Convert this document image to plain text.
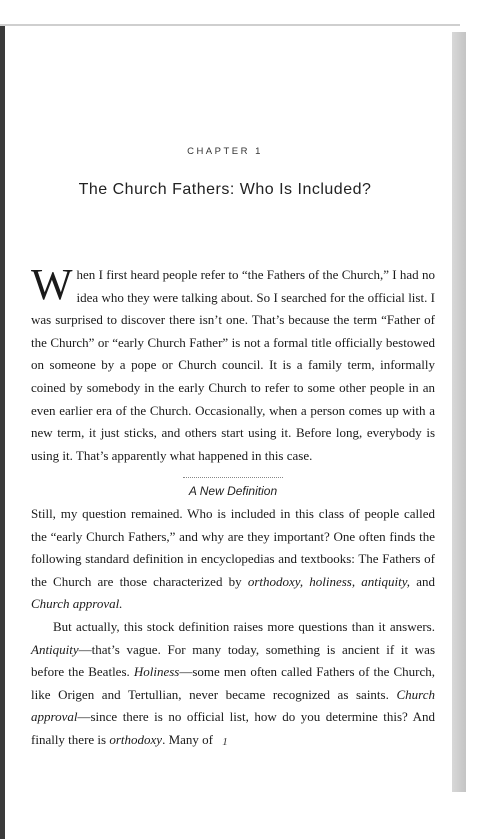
CHAPTER 1
The Church Fathers: Who Is Included?

When I first heard people refer to “the Fathers of the Church,” I had no idea who they were talking about. So I searched for the official list. I was surprised to discover there isn’t one. That’s because the term “Father of the Church” or “early Church Father” is not a formal title officially bestowed on someone by a pope or Church council. It is a family term, informally coined by somebody in the early Church to refer to some other people in an even earlier era of the Church. Occasionally, when a person comes up with a new term, it just sticks, and others start using it. Before long, everybody is using it. That’s apparently what happened in this case.

A New Definition

Still, my question remained. Who is included in this class of people called the “early Church Fathers,” and why are they important? One often finds the following standard definition in encyclopedias and textbooks: The Fathers of the Church are those characterized by orthodoxy, holiness, antiquity, and Church approval.

But actually, this stock definition raises more questions than it answers. Antiquity—that’s vague. For many today, something is ancient if it was before the Beatles. Holiness—some men often called Fathers of the Church, like Origen and Tertullian, never became recognized as saints. Church approval—since there is no official list, how do you determine this? And finally there is orthodoxy. Many of 1
